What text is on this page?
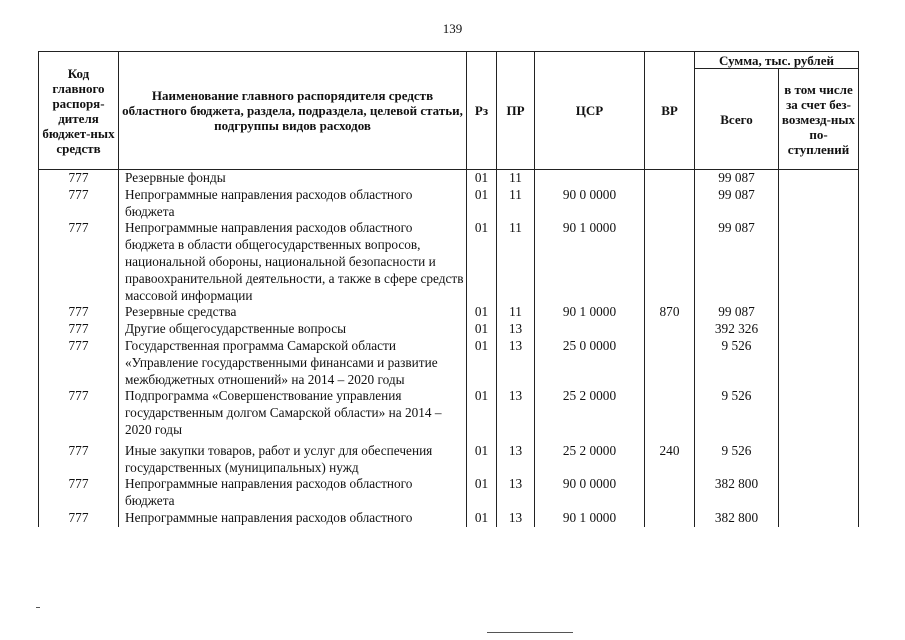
139
Код главного распоря-дителя бюджет-ных средств	Наименование главного распорядителя средств областного бюджета, раздела, подраздела, целевой статьи, подгруппы видов расходов	Рз	ПР	ЦСР	ВР	Сумма, тыс. рублей	
						Всего	в том числе за счет без-возмезд-ных по-ступлений
777	Резервные фонды	01	11			99 087	
777	Непрограммные направления расходов областного бюджета	01	11	90 0 0000		99 087	
777	Непрограммные направления расходов областного бюджета в области общегосударственных вопросов, национальной обороны, национальной безопасности и правоохранительной деятельности, а также в сфере средств массовой информации	01	11	90 1 0000		99 087	
777	Резервные средства	01	11	90 1 0000	870	99 087	
777	Другие общегосударственные вопросы	01	13			392 326	
777	Государственная программа Самарской области «Управление государственными финансами и развитие межбюджетных отношений» на 2014 – 2020 годы	01	13	25 0 0000		9 526	
777	Подпрограмма «Совершенствование управления государственным долгом Самарской области» на 2014 – 2020 годы	01	13	25 2 0000		9 526	
777	Иные закупки товаров, работ и услуг для обеспечения государственных (муниципальных) нужд	01	13	25 2 0000	240	9 526	
777	Непрограммные направления расходов областного бюджета	01	13	90 0 0000		382 800	
777	Непрограммные направления расходов областного	01	13	90 1 0000		382 800	
